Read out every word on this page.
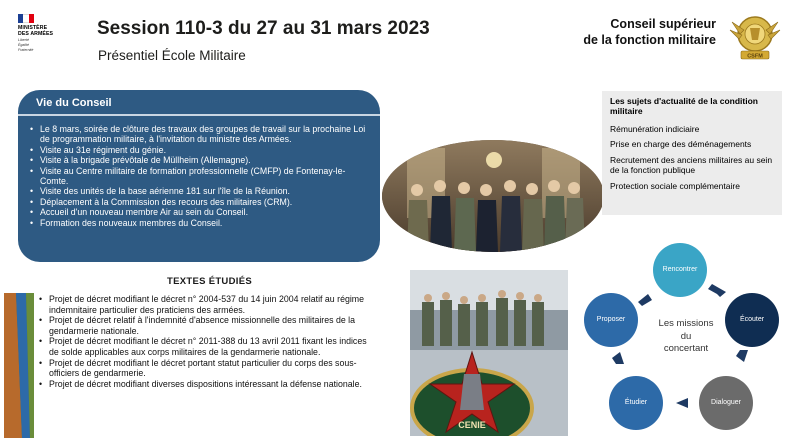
MINISTÈRE
DES ARMÉES
Liberté
Égalité
Fraternité
Session 110-3 du 27 au 31 mars 2023
Présentiel École Militaire
Conseil supérieur
de la fonction militaire
CSFM
Vie du Conseil
• Le 8 mars, soirée de clôture des travaux des groupes de travail sur la prochaine Loi de programmation militaire, à l'invitation du ministre des Armées.
• Visite au 31e régiment du génie.
• Visite à la brigade prévôtale de Müllheim (Allemagne).
• Visite au Centre militaire de formation professionnelle (CMFP) de Fontenay-le-Comte.
• Visite des unités de la base aérienne 181 sur l'île de la Réunion.
• Déplacement à la Commission des recours des militaires (CRM).
• Accueil d'un nouveau membre Air au sein du Conseil.
• Formation des nouveaux membres du Conseil.
CENIE
TEXTES ÉTUDIÉS
• Projet de décret modifiant le décret n° 2004-537 du 14 juin 2004 relatif au régime indemnitaire particulier des praticiens des armées.
• Projet de décret relatif à l'indemnité d'absence missionnelle des militaires de la gendarmerie nationale.
• Projet de décret modifiant le décret n° 2011-388 du 13 avril 2011 fixant les indices de solde applicables aux corps militaires de la gendarmerie nationale.
• Projet de décret modifiant le décret portant statut particulier du corps des sous-officiers de gendarmerie.
• Projet de décret modifiant diverses dispositions intéressant la défense nationale.
Les sujets d'actualité de la condition militaire
Rémunération indiciaire
Prise en charge des déménagements
Recrutement des anciens militaires au sein de la fonction publique
Protection sociale complémentaire
Rencontrer
Écouter
Dialoguer
Étudier
Proposer	Les missions
du
concertant
